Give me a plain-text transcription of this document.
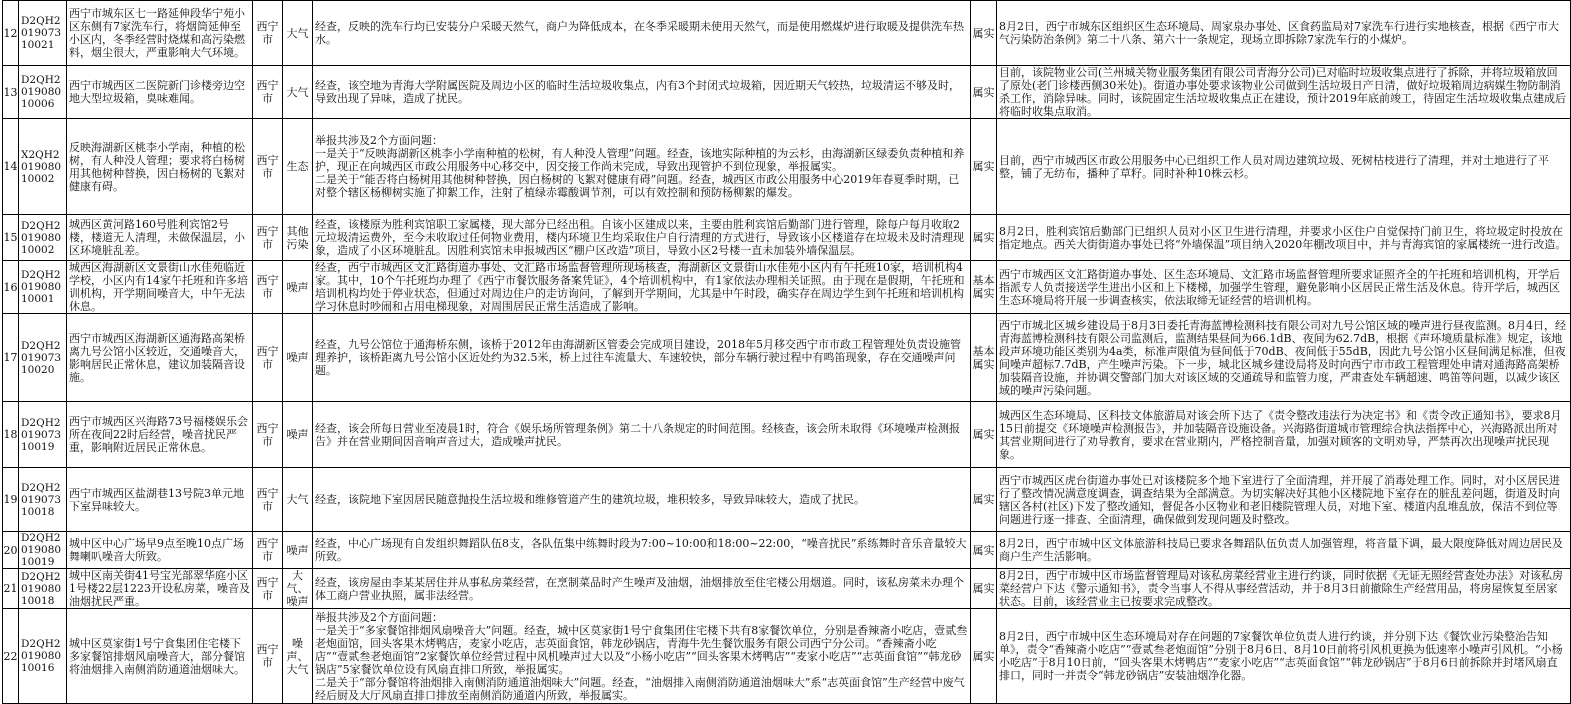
12	D2QH201907310021	西宁市城东区七一路延伸段华宁苑小区东侧有7家洗车行，将烟筒延伸至小区内，冬季经营时烧煤和高污染燃料，烟尘很大，严重影响大气环境。	西宁市	大气	经查，反映的洗车行均已安装分户采暖天然气，商户为降低成本，在冬季采暖期未使用天然气，而是使用燃煤炉进行取暖及提供洗车热水。	属实	8月2日，西宁市城东区组织区生态环境局、周家泉办事处、区食药监局对7家洗车行进行实地核查，根据《西宁市大气污染防治条例》第二十八条、第六十一条规定，现场立即拆除7家洗车行的小煤炉。

13	D2QH201908010006	西宁市城西区二医院新门诊楼旁边空地大型垃圾箱，臭味难闻。	西宁市	大气	经查，该空地为青海大学附属医院及周边小区的临时生活垃圾收集点，内有3个封闭式垃圾箱，因近期天气较热，垃圾清运不够及时，导致出现了异味，造成了扰民。	属实	目前，该院物业公司(兰州城关物业服务集团有限公司青海分公司)已对临时垃圾收集点进行了拆除，并将垃圾箱放回了原处(老门诊楼西侧30米处)。街道办事处要求该物业公司做到生活垃圾日产日清，做好垃圾箱周边病媒生物防制消杀工作，消除异味。同时，该院固定生活垃圾收集点正在建设，预计2019年底前竣工，待固定生活垃圾收集点建成后将临时收集点取消。

14	X2QH201908010002	反映海湖新区桃李小学南，种植的松树，有人种没人管理；要求将白杨树用其他树种替换，因白杨树的飞絮对健康有碍。	西宁市	生态	举报共涉及2个方面问题：
一是关于“反映海湖新区桃李小学南种植的松树，有人种没人管理”问题。经查，该地实际种植的为云杉，由海湖新区绿委负责种植和养护，现正在向城西区市政公用服务中心移交中，因交接工作尚未完成，导致出现管护不到位现象，举报属实。
二是关于“能否将白杨树用其他树种替换，因白杨树的飞絮对健康有碍”问题。经查，城西区市政公用服务中心2019年春夏季时期，已对整个辖区杨柳树实施了抑絮工作，注射了植绿赤霉酸调节剂，可以有效控制和预防杨柳絮的爆发。	属实	目前，西宁市城西区市政公用服务中心已组织工作人员对周边建筑垃圾、死树枯枝进行了清理，并对土地进行了平整，铺了无纺布，播种了草籽。同时补种10株云杉。

15	D2QH201908010002	城西区黄河路160号胜利宾馆2号楼，楼道无人清理，未做保温层，小区环境脏乱差。	西宁市	其他污染	经查，该楼原为胜利宾馆职工家属楼，现大部分已经出租。自该小区建成以来，主要由胜利宾馆后勤部门进行管理，除每户每月收取2元垃圾清运费外，至今未收取过任何物业费用，楼内环境卫生均采取住户自行清理的方式进行，导致该小区楼道存在垃圾未及时清理现象，造成了小区环境脏乱。因胜利宾馆未申报城西区“棚户区改造”项目，导致小区2号楼一直未加装外墙保温层。	属实	8月2日，胜利宾馆后勤部门已组织人员对小区卫生进行清理，并要求小区住户自觉保持门前卫生，将垃圾定时投放在指定地点。西关大街街道办事处已将“外墙保温”项目纳入2020年棚改项目中，并与青海宾馆的家属楼统一进行改造。

16	D2QH201908010001	城西区海湖新区文景街山水佳苑临近学校，小区内有14家午托班和许多培训机构，开学期间噪音大，中午无法休息。	西宁市	噪声	经查，西宁市城西区文汇路街道办事处、文汇路市场监督管理所现场核查，海湖新区文景街山水佳苑小区内有午托班10家，培训机构4家。其中，10个午托班均办理了《西宁市餐饮服务备案凭证》，4个培训机构中，有1家依法办理相关证照。由于现在是假期，午托班和培训机构均处于停业状态，但通过对周边住户的走访询问，了解到开学期间，尤其是中午时段，确实存在周边学生到午托班和培训机构学习休息时吵闹和占用电梯现象，对周围居民正常生活造成了影响。	基本属实	西宁市城西区文汇路街道办事处、区生态环境局、文汇路市场监督管理所要求证照齐全的午托班和培训机构，开学后指派专人负责接送学生进出小区和上下楼梯，加强学生管理，避免影响小区居民正常生活及休息。待开学后，城西区生态环境局将开展一步调查核实，依法取缔无证经营的培训机构。

17	D2QH201907310020	西宁市城西区海湖新区通海路高架桥离九号公馆小区较近，交通噪音大，影响居民正常休息，建议加装隔音设施。	西宁市	噪声	经查，九号公馆位于通海桥东侧，该桥于2012年由海湖新区管委会完成项目建设，2018年5月移交西宁市市政工程管理处负责设施管理养护，该桥距离九号公馆小区近处约为32.5米，桥上过往车流量大、车速较快，部分车辆行驶过程中有鸣笛现象，存在交通噪声问题。	基本属实	西宁市城北区城乡建设局于8月3日委托青海蓝博检测科技有限公司对九号公馆区域的噪声进行昼夜监测。8月4日，经青海蓝博检测科技有限公司监测后，监测结果昼间为66.1dB、夜间为62.7dB，根据《声环境质量标准》规定，该地段声环境功能区类别为4a类，标准声限值为昼间低于70dB、夜间低于55dB，因此九号公馆小区昼间满足标准，但夜间噪声超标7.7dB，产生噪声污染。下一步，城北区城乡建设局将及时向西宁市市政工程管理处申请对通海路高架桥加装隔音设施，并协调交警部门加大对该区域的交通疏导和监管力度，严肃查处车辆超速、鸣笛等问题，以减少该区域的噪声污染问题。

18	D2QH201907310019	西宁市城西区兴海路73号福楼娱乐会所在夜间22时后经营，噪音扰民严重，影响附近居民正常休息。	西宁市	噪声	经查，该会所每日营业至凌晨1时，符合《娱乐场所管理条例》第二十八条规定的时间范围。经核查，该会所未取得《环境噪声检测报告》并在营业期间因音响声音过大，造成噪声扰民。	属实	城西区生态环境局、区科技文体旅游局对该会所下达了《责令整改违法行为决定书》和《责令改正通知书》，要求8月15日前提交《环境噪声检测报告》，并加装隔音设施设备。兴海路街道城市管理综合执法指挥中心，兴海路派出所对其营业期间进行了劝导教育，要求在营业期内，严格控制音量，加强对顾客的文明劝导，严禁再次出现噪声扰民现象。

19	D2QH201907310018	西宁市城西区盐湖巷13号院3单元地下室异味较大。	西宁市	大气	经查，该院地下室因居民随意抛投生活垃圾和维修管道产生的建筑垃圾，堆积较多，导致异味较大，造成了扰民。	属实	西宁市城西区虎台街道办事处已对该楼院多个地下室进行了全面清理，并开展了消毒处理工作。同时，对小区居民进行了整改情况满意度调查，调查结果为全部满意。为切实解决好其他小区楼院地下室存在的脏乱差问题，街道及时向辖区各村(社区)下发了整改通知，督促各小区物业和老旧楼院管理人员，对地下室、楼道内乱堆乱放，保洁不到位等问题进行逐一排查、全面清理，确保做到发现问题及时整改。

20	D2QH201908010019	城中区中心广场早9点至晚10点广场舞喇叭噪音大所致。	西宁市	噪声	经查，中心广场现有自发组织舞蹈队伍8支，各队伍集中练舞时段为7:00~10:00和18:00~22:00，“噪音扰民”系练舞时音乐音量较大所致。	属实	8月2日，西宁市城中区文体旅游科技局已要求各舞蹈队伍负责人加强管理，将音量下调，最大限度降低对周边居民及商户生产生活影响。

21	D2QH201908010018	城中区南关街41号宝光部翠华庭小区1号楼22层1223开设私房菜，噪音及油烟扰民严重。	西宁市	大气、噪声	经查，该房屋由李某某居住并从事私房菜经营，在烹制菜品时产生噪声及油烟，油烟排放至住宅楼公用烟道。同时，该私房菜未办理个体工商户营业执照，属非法经营。	属实	8月2日，西宁市城中区市场监督管理局对该私房菜经营业主进行约谈，同时依据《无证无照经营查处办法》对该私房菜经营户下达《警示通知书》，责令当事人不得从事经营活动，并于8月3日前撤除生产经营用品，将房屋恢复至居家状态。目前，该经营业主已按要求完成整改。

22	D2QH201908010016	城中区莫家街1号宁食集团住宅楼下多家餐馆排烟风扇噪音大，部分餐馆将油烟排入南侧消防通道油烟味大。	西宁市	噪声、大气	举报共涉及2个方面问题：
一是关于“多家餐馆排烟风扇噪音大”问题。经查，城中区莫家街1号宁食集团住宅楼下共有8家餐饮单位，分别是香辣斋小吃店，壹贰叁老炮面馆，回头客果木烤鸭店，麦家小吃店，志英面食馆，韩龙砂锅店，青海牛先生餐饮服务有限公司西宁分公司。“香辣斋小吃店”“壹贰叁老炮面馆”2家餐饮单位经营过程中风机噪声过大以及“小杨小吃店”“回头客果木烤鸭店”“麦家小吃店”“志英面食馆”“韩龙砂锅店”5家餐饮单位设有风扇直排口所致，举报属实。
二是关于“部分餐馆将油烟排入南侧消防通道油烟味大”问题。经查，“油烟排入南侧消防通道油烟味大”系“志英面食馆”生产经营中废气经后厨及大厅风扇直排口排放至南侧消防通道内所致，举报属实。	属实	8月2日，西宁市城中区生态环境局对存在问题的7家餐饮单位负责人进行约谈，并分别下达《餐饮业污染整治告知单》，责令“香辣斋小吃店”“壹贰叁老炮面馆”分别于8月6日、8月10日前将引风机更换为低速率小噪声引风机。“小杨小吃店”于8月10日前，“回头客果木烤鸭店”“麦家小吃店”“志英面食馆”“韩龙砂锅店”于8月6日前拆除并封堵风扇直排口，同时一并责令“韩龙砂锅店”安装油烟净化器。
